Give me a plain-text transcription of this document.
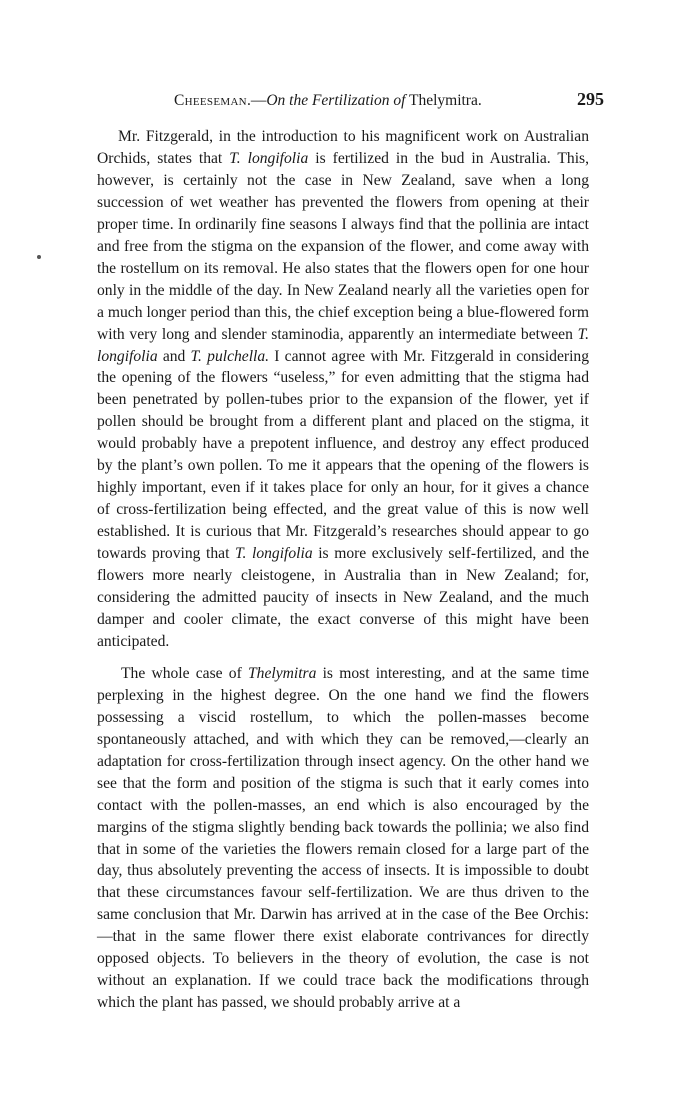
Cheeseman.—On the Fertilization of Thelymitra.	295

Mr. Fitzgerald, in the introduction to his magnificent work on Australian Orchids, states that T. longifolia is fertilized in the bud in Australia. This, however, is certainly not the case in New Zealand, save when a long succession of wet weather has prevented the flowers from opening at their proper time. In ordinarily fine seasons I always find that the pollinia are intact and free from the stigma on the expansion of the flower, and come away with the rostellum on its removal. He also states that the flowers open for one hour only in the middle of the day. In New Zealand nearly all the varieties open for a much longer period than this, the chief exception being a blue-flowered form with very long and slender staminodia, apparently an intermediate between T. longifolia and T. pulchella. I cannot agree with Mr. Fitzgerald in considering the opening of the flowers “useless,” for even admitting that the stigma had been penetrated by pollen-tubes prior to the expansion of the flower, yet if pollen should be brought from a different plant and placed on the stigma, it would probably have a prepotent influence, and destroy any effect produced by the plant’s own pollen. To me it appears that the opening of the flowers is highly important, even if it takes place for only an hour, for it gives a chance of cross-fertilization being effected, and the great value of this is now well established. It is curious that Mr. Fitzgerald’s researches should appear to go towards proving that T. longifolia is more exclusively self-fertilized, and the flowers more nearly cleistogene, in Australia than in New Zealand; for, considering the admitted paucity of insects in New Zealand, and the much damper and cooler climate, the exact converse of this might have been anticipated.

The whole case of Thelymitra is most interesting, and at the same time perplexing in the highest degree. On the one hand we find the flowers possessing a viscid rostellum, to which the pollen-masses become spontaneously attached, and with which they can be removed,—clearly an adaptation for cross-fertilization through insect agency. On the other hand we see that the form and position of the stigma is such that it early comes into contact with the pollen-masses, an end which is also encouraged by the margins of the stigma slightly bending back towards the pollinia; we also find that in some of the varieties the flowers remain closed for a large part of the day, thus absolutely preventing the access of insects. It is impossible to doubt that these circumstances favour self-fertilization. We are thus driven to the same conclusion that Mr. Darwin has arrived at in the case of the Bee Orchis:—that in the same flower there exist elaborate contrivances for directly opposed objects. To believers in the theory of evolution, the case is not without an explanation. If we could trace back the modifications through which the plant has passed, we should probably arrive at a
